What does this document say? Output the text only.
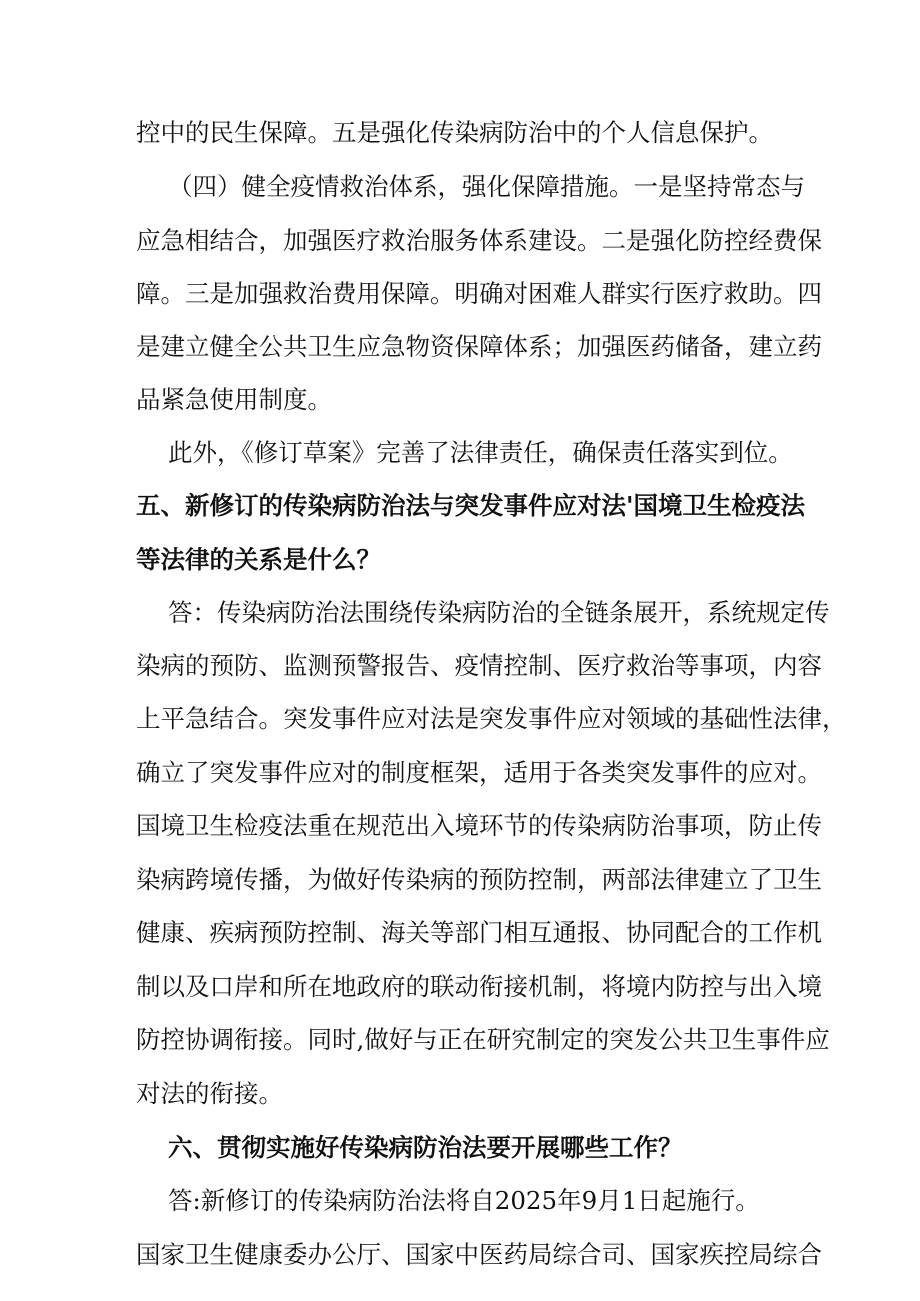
控中的民生保障。五是强化传染病防治中的个人信息保护。
（四）健全疫情救治体系，强化保障措施。一是坚持常态与
应急相结合，加强医疗救治服务体系建设。二是强化防控经费保
障。三是加强救治费用保障。明确对困难人群实行医疗救助。四
是建立健全公共卫生应急物资保障体系；加强医药储备，建立药
品紧急使用制度。
此外，《修订草案》完善了法律责任，确保责任落实到位。
五、新修订的传染病防治法与突发事件应对法'国境卫生检疫法
等法律的关系是什么？
答：传染病防治法围绕传染病防治的全链条展开，系统规定传
染病的预防、监测预警报告、疫情控制、医疗救治等事项，内容
上平急结合。突发事件应对法是突发事件应对领域的基础性法律，
确立了突发事件应对的制度框架，适用于各类突发事件的应对。
国境卫生检疫法重在规范出入境环节的传染病防治事项，防止传
染病跨境传播，为做好传染病的预防控制，两部法律建立了卫生
健康、疾病预防控制、海关等部门相互通报、协同配合的工作机
制以及口岸和所在地政府的联动衔接机制，将境内防控与出入境
防控协调衔接。同时,做好与正在研究制定的突发公共卫生事件应
对法的衔接。
六、贯彻实施好传染病防治法要开展哪些工作？
答:新修订的传染病防治法将自2025年9月1日起施行。
国家卫生健康委办公厅、国家中医药局综合司、国家疾控局综合
